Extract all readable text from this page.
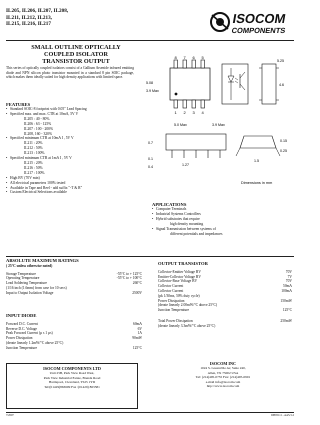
IL205, IL206, IL207, IL208,
IL211, IL212, IL213,
IL215, IL216, IL217	ISOCOM
COMPONENTS
SMALL OUTLINE OPTICALLY
COUPLED ISOLATOR
TRANSISTOR OUTPUT
This series of optically coupled isolators consist of a Gallium Arsenide infrared emitting diode and NPN silicon photo transistor mounted in a standard 8 pin SOIC package, which makes them ideally suited for high density applications with limited space.
FEATURES
• Standard SOIC-8 footprint with 0.05" Lead Spacing
• Specified max. and max. CTR at 10mA, 5V V
IL205 : 40 - 80%
IL206 : 63 - 125%
IL207 : 100 - 200%
IL208, 160 - 320%
• Specified minimum CTR at 10mA I , 5V V
IL211 : 20%
IL212 : 50%
IL213 : 100%
• Specified minimum CTR at 1mA I , 5V V
IL215 : 20%
IL216 : 50%
IL217 : 100%
• High BV (70V min)
• All electrical parameters 100% tested
• Available in Tape and Reel - add suffix "-T & R"
• Custom Electrical Selections available
8 7 6 5
1 2 3 4
5.25
4.6
5.08
3.9 Max
3.9 Max
5.0 Max
0.7
0.1
1.27
0.4
0.15
0.25
1.5
Dimensions in mm
APPLICATIONS
• Computer Terminals
• Industrial Systems Controllers
• Hybrid substrates that require
high density mounting
• Signal Transmission between systems of
different potentials and impedances
ABSOLUTE MAXIMUM RATINGS
( 25°C unless otherwise noted)
Storage Temperature	-55°C to + 125°C
Operating Temperature	-55°C to + 100°C
Lead Soldering Temperature	260°C
(1/16 inch (1.6mm) from case for 10 secs)
Input to Output Isolation Voltage	2500V
INPUT DIODE
Forward D.C. Current	60mA
Reverse D.C. Voltage	6V
Peak Forward Current (µ s 1 µs)	1A
Power Dissipation	90mW
(derate linearly 1.2mW/°C above 25°C)
Junction Temperature	125°C
OUTPUT TRANSISTOR
Collector-Emitter Voltage BV	70V
Emitter-Collector Voltage BV	7V
Collector-Base Voltage BV	70V
Collector Current	50mA
Collector Current	100mA
(pk 1/30ms, 50% duty cycle)
Power Dissipation	150mW
(derate linearly 2.00mW/°C above 25°C)
Junction Temperature	125°C
Total Power Dissipation	250mW
(derate linearly 3.3mW/°C above 25°C)
ISOCOM COMPONENTS LTD
Unit 25B, Park View Road West,
Park View Industrial Estate, Brenda Road
Hartlepool, Cleveland, TS25 1YD
Tel:(01429)863609 Fax :(01429) 863581
ISOCOM INC
1024 S. Greenville Av, Suite 240,
Allen, TX 75002 USA
Tel: (214)495-0755 Fax: (214)495-0901
e-mail info@isocom.com
http://www.isocom.com
7/2007	DB95111 - AAS/1.2
